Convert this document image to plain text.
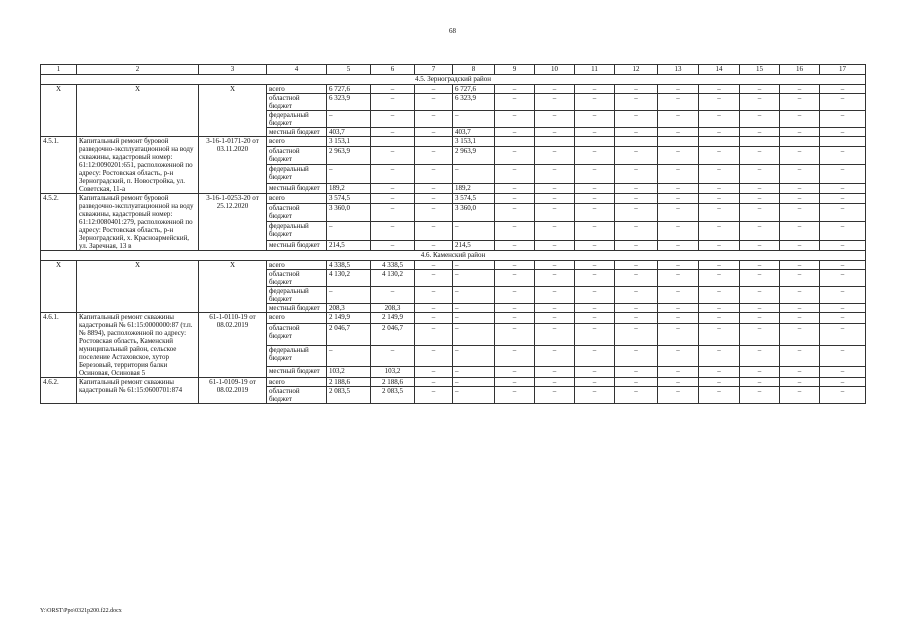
68
1	2	3	4	5	6	7	8	9	10	11	12	13	14	15	16	17
4.5. Зерноградский район																
Х	Х	Х	всего	6 727,6	–	–	6 727,6	–	–	–	–	–	–	–	–	–
			областной бюджет	6 323,9	–	–	6 323,9	–	–	–	–	–	–	–	–	–
			федеральный бюджет	–	–	–	–	–	–	–	–	–	–	–	–	–
			местный бюджет	403,7	–	–	403,7	–	–	–	–	–	–	–	–	–
4.5.1.	Капитальный ремонт буровой разведочно-эксплуатационной на воду скважины, кадастровый номер: 61:12:0090201:651, расположенной по адресу: Ростовская область, р-н Зерноградский, п. Новостройка, ул. Советская, 11-а	3-16-1-0171-20 от 03.11.2020	всего	3 153,1			3 153,1									
			областной бюджет	2 963,9	–	–	2 963,9	–	–	–	–	–	–	–	–	–
			федеральный бюджет	–	–	–	–	–	–	–	–	–	–	–	–	–
			местный бюджет	189,2	–	–	189,2	–	–	–	–	–	–	–	–	–
4.5.2.	Капитальный ремонт буровой разведочно-эксплуатационной на воду скважины, кадастровый номер: 61:12:0080401:279, расположенной по адресу: Ростовская область, р-н Зерноградский, х. Красноармейский, ул. Заречная, 13 в	3-16-1-0253-20 от 25.12.2020	всего	3 574,5	–	–	3 574,5	–	–	–	–	–	–	–	–	–
			областной бюджет	3 360,0	–	–	3 360,0	–	–	–	–	–	–	–	–	–
			федеральный бюджет	–	–	–	–	–	–	–	–	–	–	–	–	–
			местный бюджет	214,5	–	–	214,5	–	–	–	–	–	–	–	–	–
4.6. Каменский район																
Х	Х	Х	всего	4 338,5	4 338,5	–	–	–	–	–	–	–	–	–	–	–
			областной бюджет	4 130,2	4 130,2	–	–	–	–	–	–	–	–	–	–	–
			федеральный бюджет	–	–	–	–	–	–	–	–	–	–	–	–	–
			местный бюджет	208,3	208,3	–	–	–	–	–	–	–	–	–	–	–
4.6.1.	Капитальный ремонт скважины кадастровый № 61:15:0000000:87 (т.п. № 8894), расположенной по адресу: Ростовская область, Каменский муниципальный район, сельское поселение Астаховское, хутор Березовый, территория балки Осиновая, Осиновая 5	61-1-0110-19 от 08.02.2019	всего	2 149,9	2 149,9	–	–	–	–	–	–	–	–	–	–	–
			областной бюджет	2 046,7	2 046,7	–	–	–	–	–	–	–	–	–	–	–
			федеральный бюджет	–	–	–	–	–	–	–	–	–	–	–	–	–
			местный бюджет	103,2	103,2	–	–	–	–	–	–	–	–	–	–	–
4.6.2.	Капитальный ремонт скважины кадастровый № 61:15:0600701:874	61-1-0109-19 от 08.02.2019	всего	2 188,6	2 188,6	–	–	–	–	–	–	–	–	–	–	–
			областной бюджет	2 083,5	2 083,5	–	–	–	–	–	–	–	–	–	–	–
Y:\ORST\Ppo\0321p200.f22.docx
